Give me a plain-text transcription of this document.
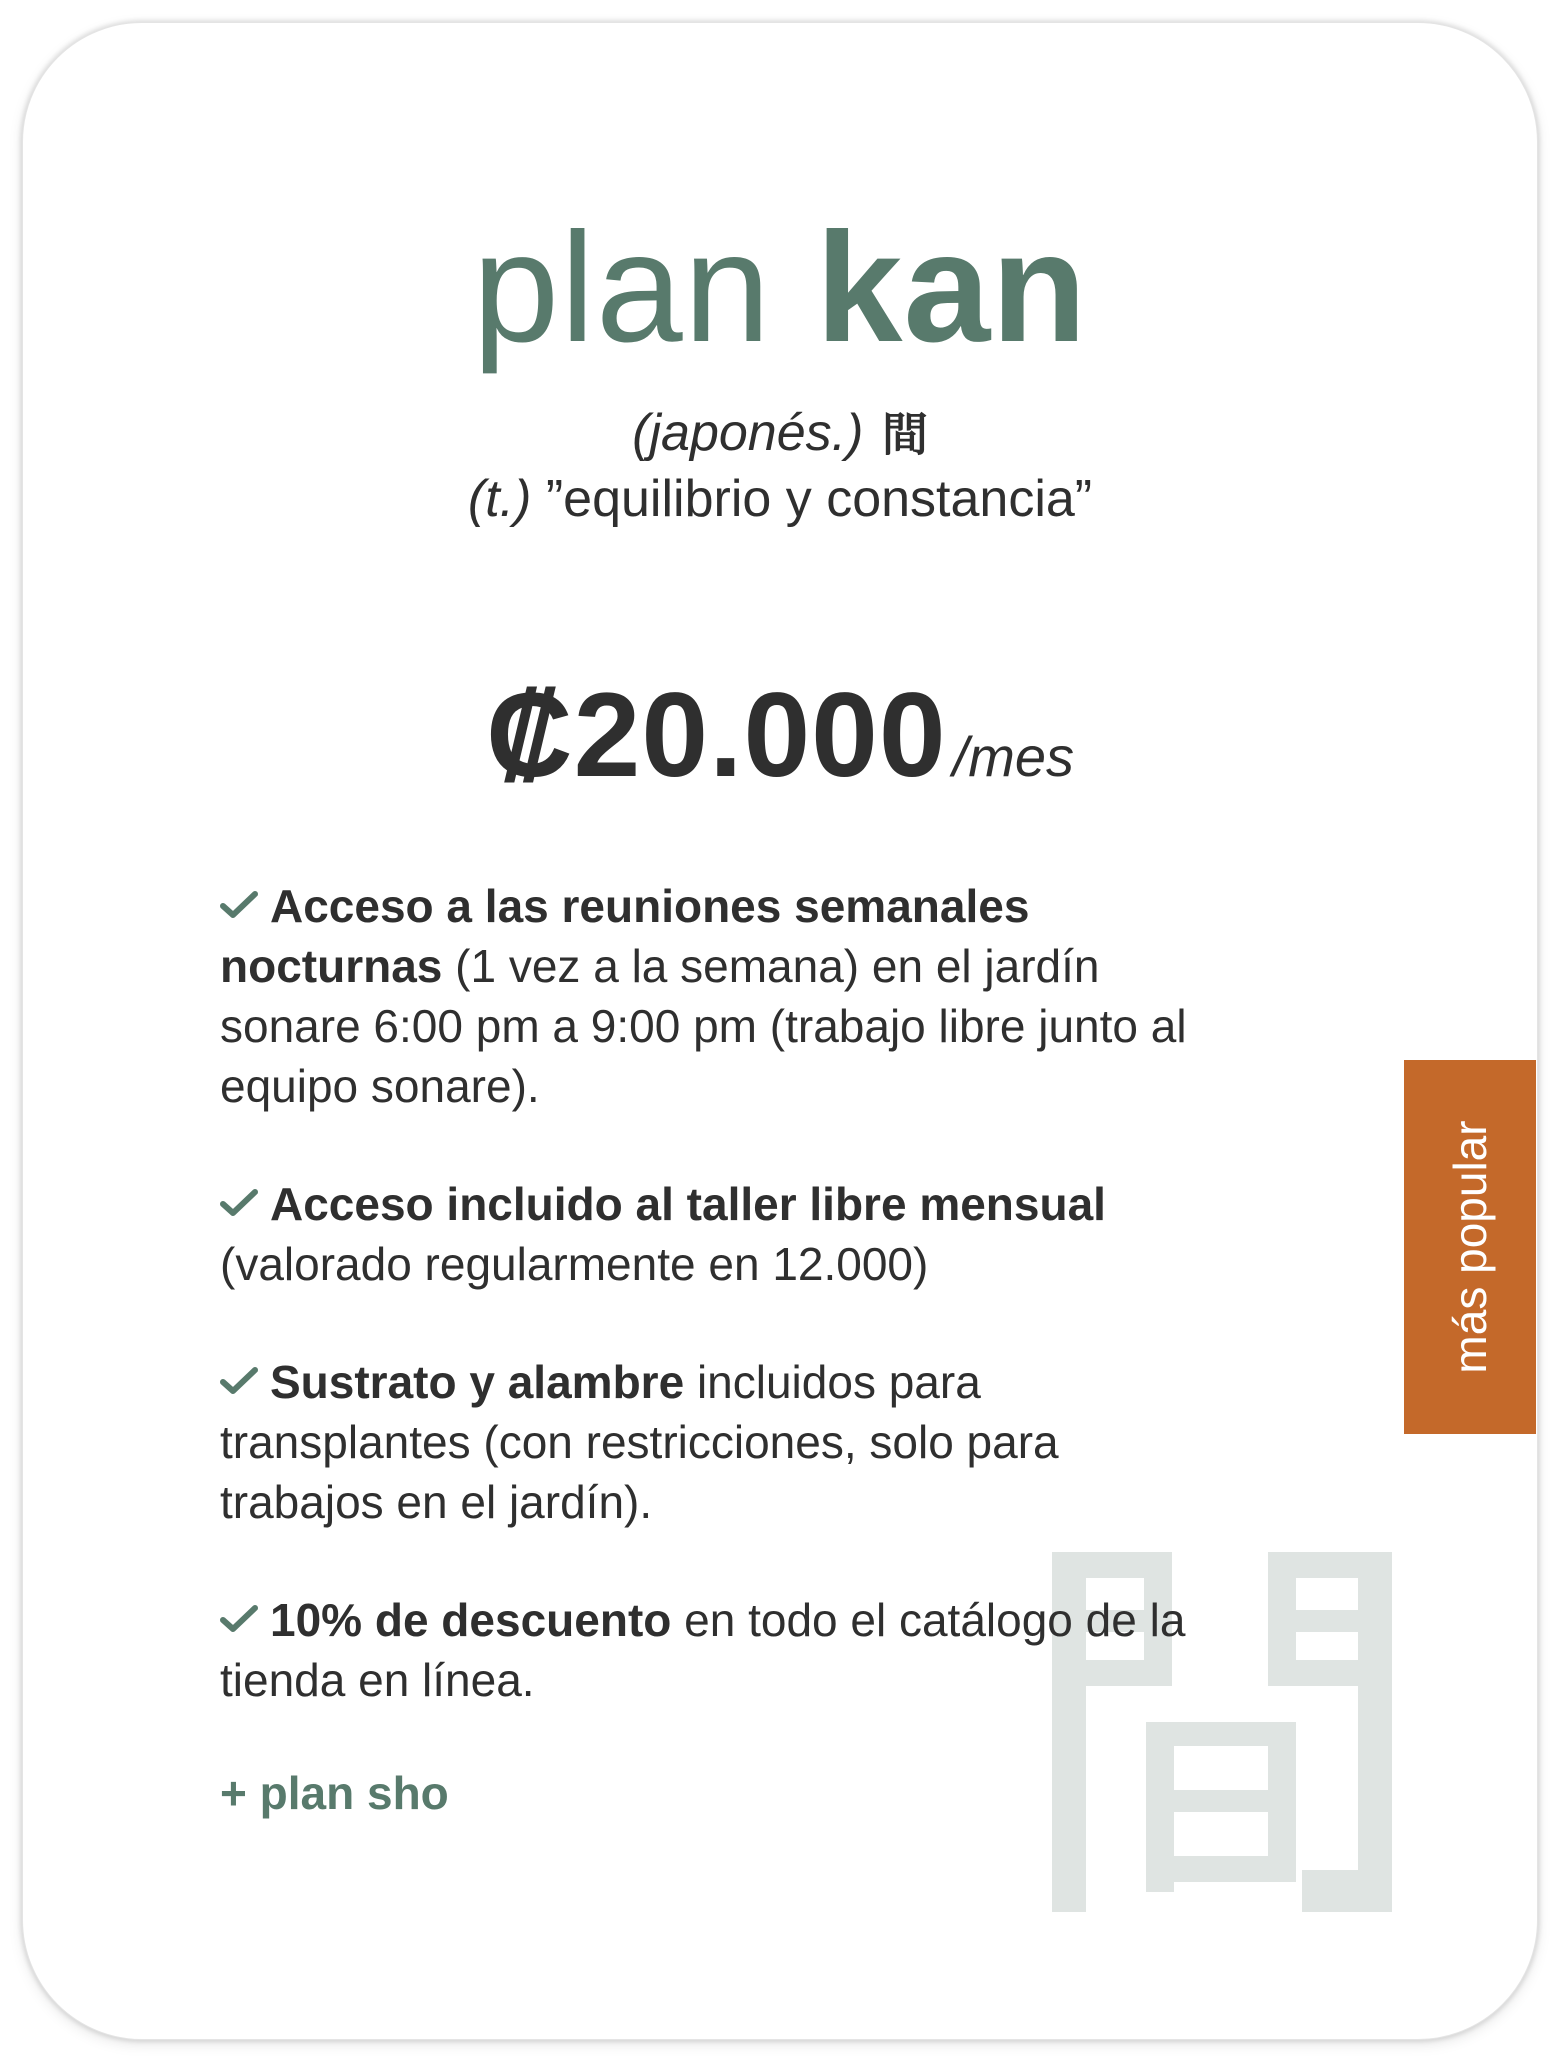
plan kan
(japonés.) 間
(t.) ”equilibrio y constancia”
₡20.000 /mes

Acceso a las reuniones semanales nocturnas (1 vez a la semana) en el jardín sonare 6:00 pm a 9:00 pm (trabajo libre junto al equipo sonare).

Acceso incluido al taller libre mensual (valorado regularmente en 12.000)

Sustrato y alambre incluidos para transplantes (con restricciones, solo para trabajos en el jardín).

10% de descuento en todo el catálogo de la tienda en línea.

+ plan sho
más popular
